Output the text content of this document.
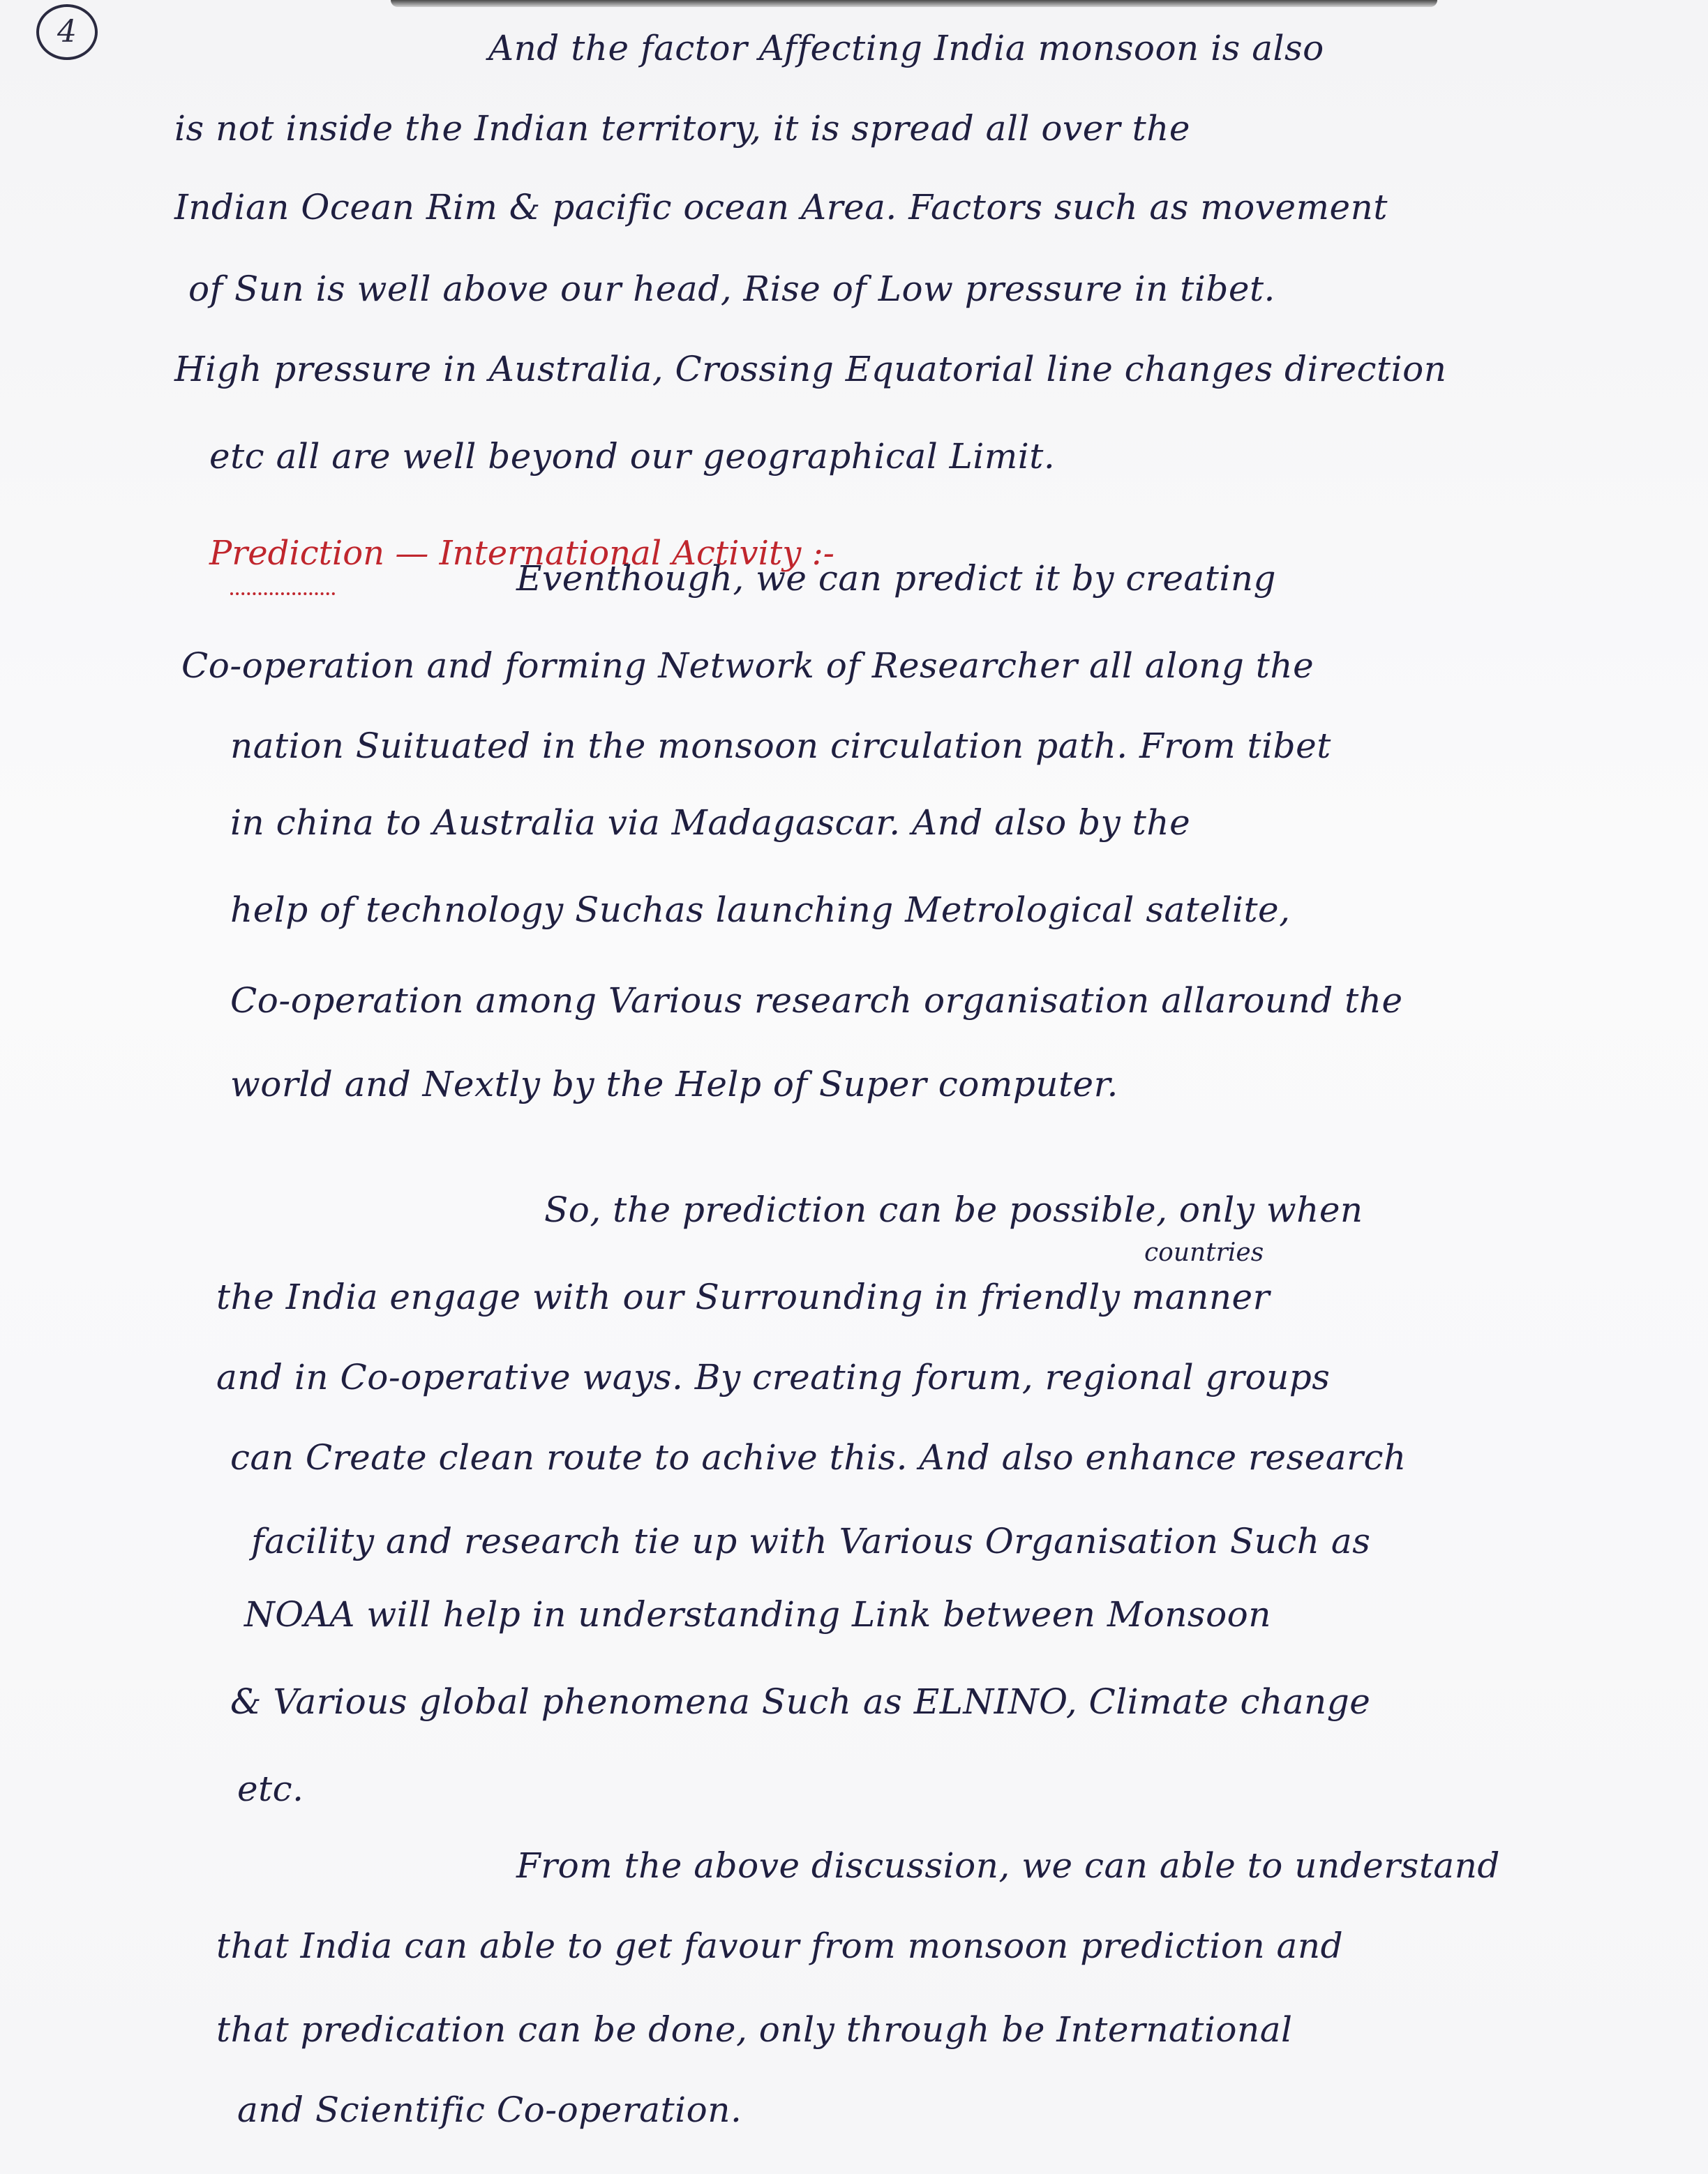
4	And the factor Affecting India monsoon is also
is not inside the Indian territory, it is spread all over the
Indian Ocean Rim & pacific ocean Area. Factors such as movement
of Sun is well above our head, Rise of Low pressure in tibet.
High pressure in Australia, Crossing Equatorial line changes direction
etc all are well beyond our geographical Limit.
Prediction — International Activity :-
Eventhough, we can predict it by creating
Co-operation and forming Network of Researcher all along the
nation Suituated in the monsoon circulation path. From tibet
in china to Australia via Madagascar. And also by the
help of technology Suchas launching Metrological satelite,
Co-operation among Various research organisation allaround the
world and Nextly by the Help of Super computer.
So, the prediction can be possible, only when
countries
the India engage with our Surrounding in friendly manner
and in Co-operative ways. By creating forum, regional groups
can Create clean route to achive this. And also enhance research
facility and research tie up with Various Organisation Such as
NOAA will help in understanding Link between Monsoon
& Various global phenomena Such as ELNINO, Climate change
etc.
From the above discussion, we can able to understand
that India can able to get favour from monsoon prediction and
that predication can be done, only through be International
and Scientific Co-operation.
